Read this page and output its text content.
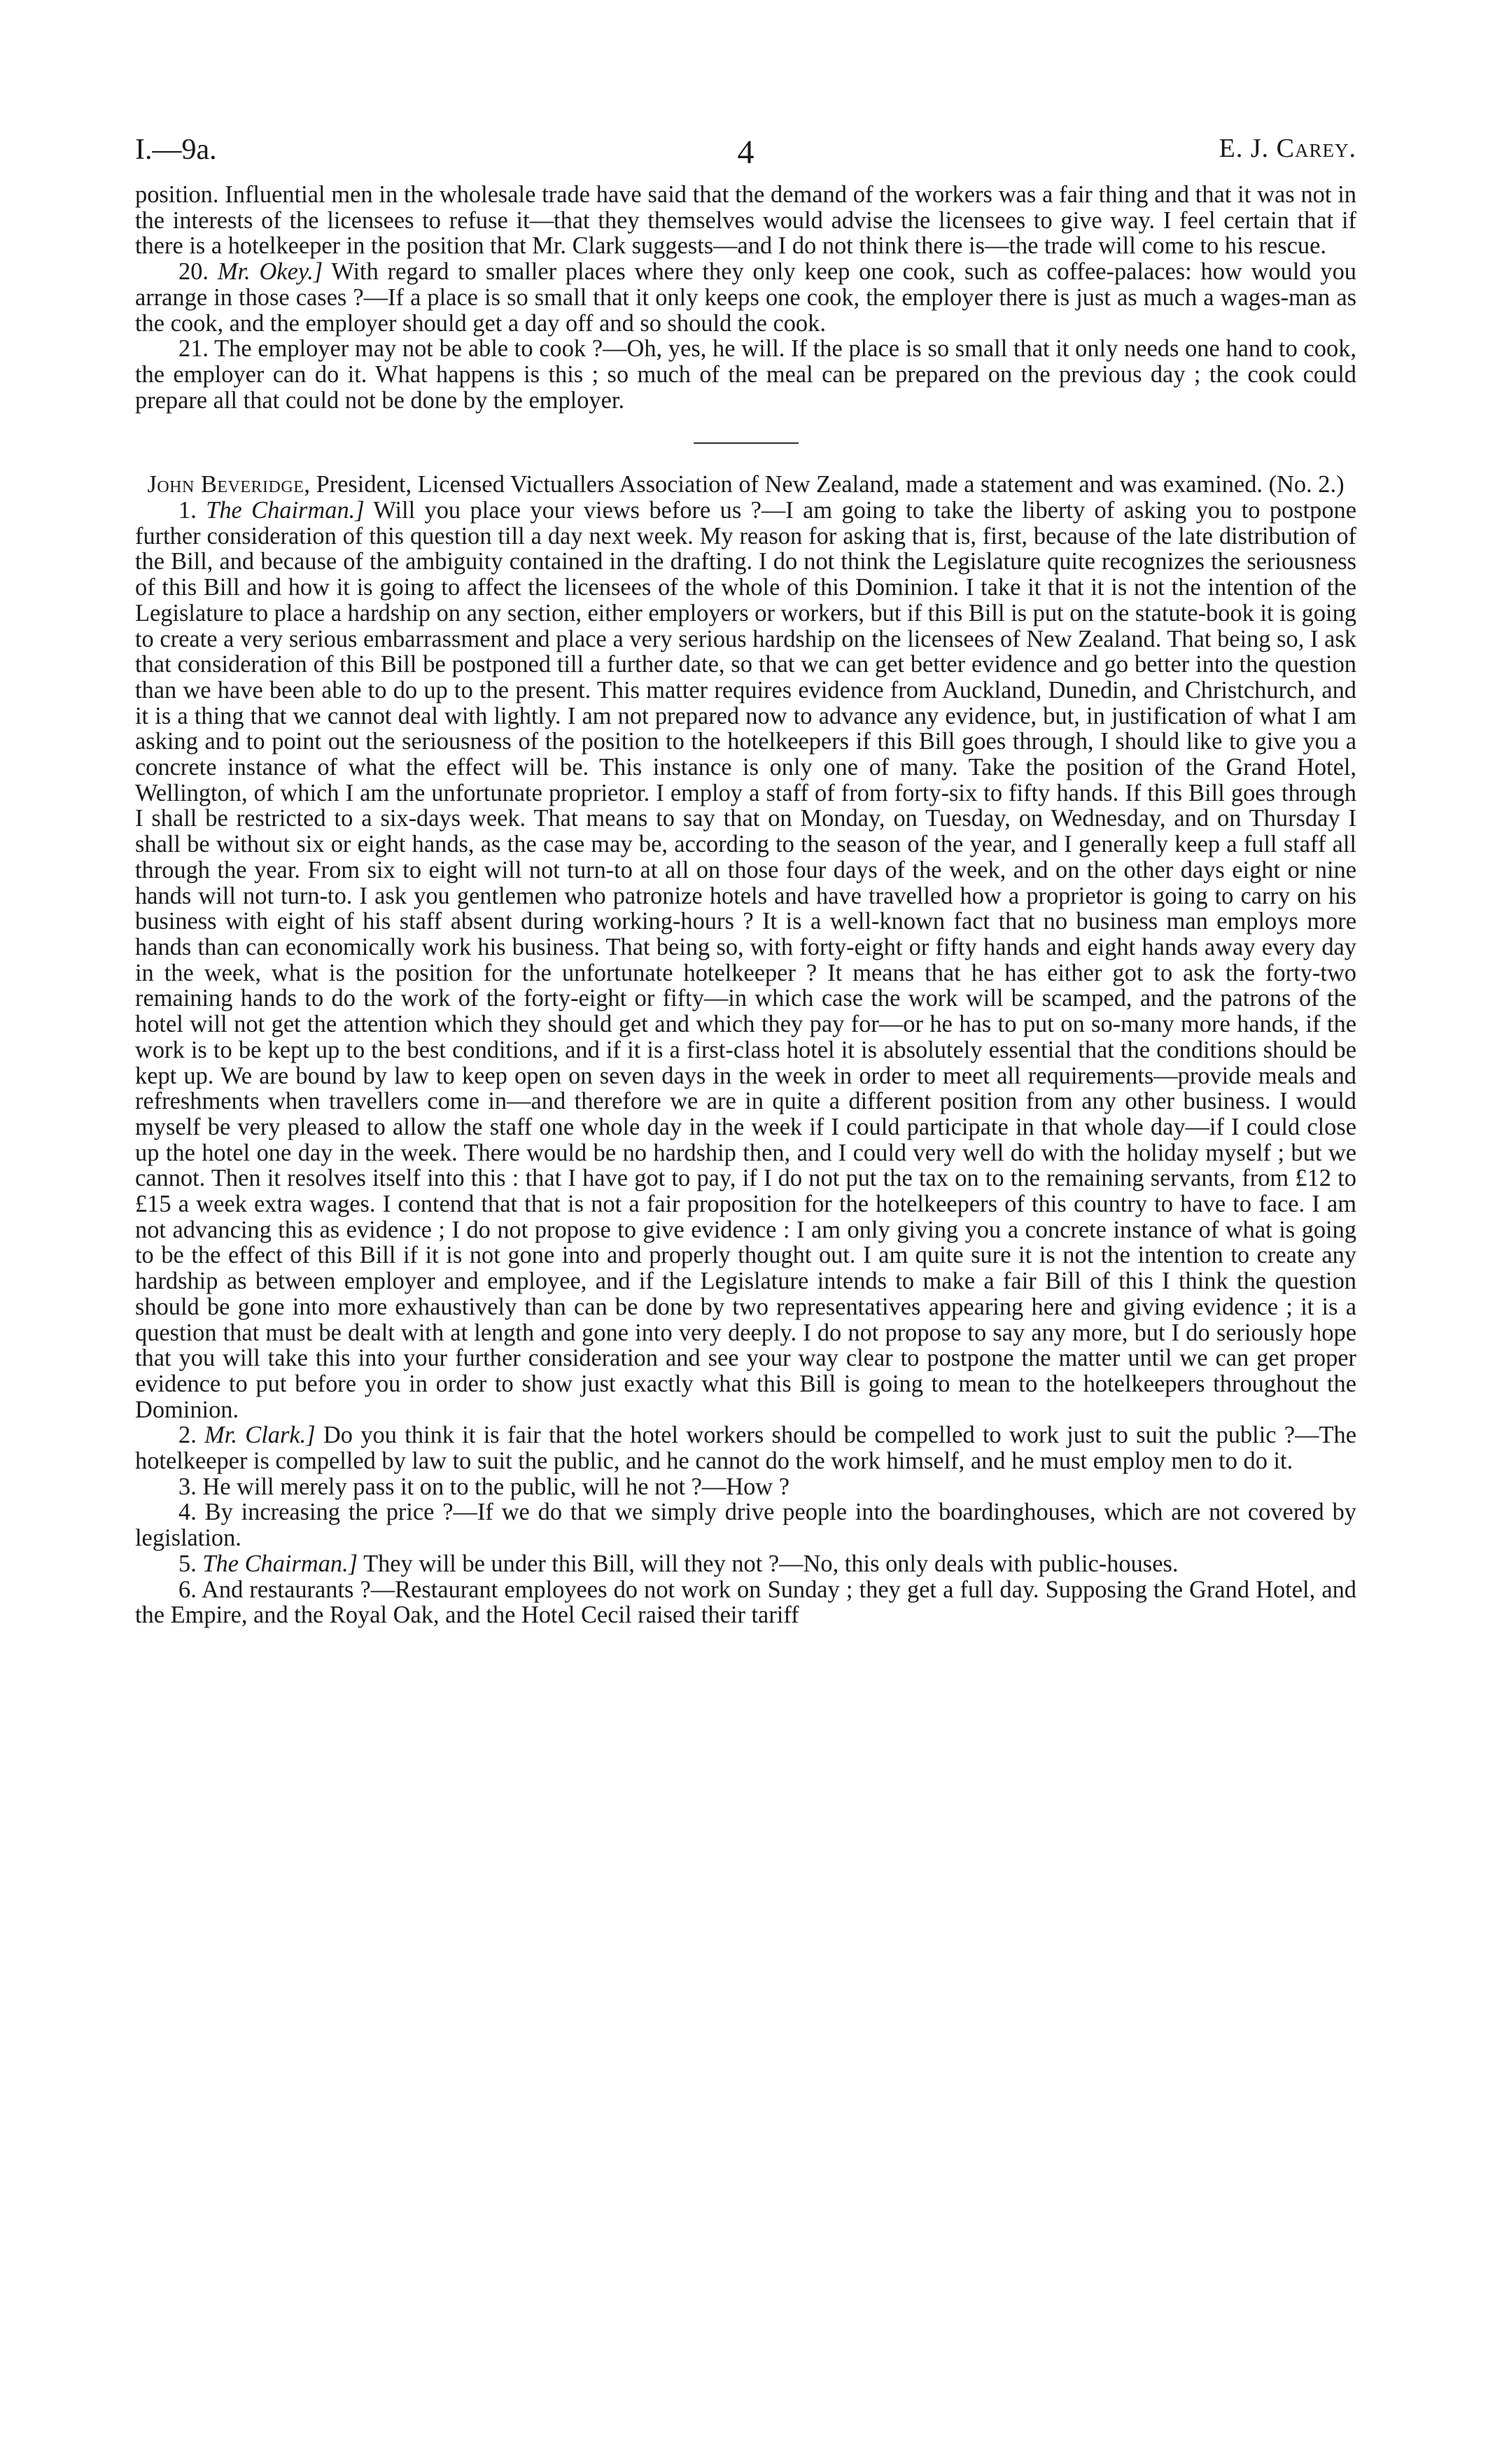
I.—9a.	4	E. J. Carey.

position. Influential men in the wholesale trade have said that the demand of the workers was a fair thing and that it was not in the interests of the licensees to refuse it—that they themselves would advise the licensees to give way. I feel certain that if there is a hotelkeeper in the position that Mr. Clark suggests—and I do not think there is—the trade will come to his rescue.

20. Mr. Okey.] With regard to smaller places where they only keep one cook, such as coffee-palaces: how would you arrange in those cases ?—If a place is so small that it only keeps one cook, the employer there is just as much a wages-man as the cook, and the employer should get a day off and so should the cook.

21. The employer may not be able to cook ?—Oh, yes, he will. If the place is so small that it only needs one hand to cook, the employer can do it. What happens is this ; so much of the meal can be prepared on the previous day ; the cook could prepare all that could not be done by the employer.

John Beveridge, President, Licensed Victuallers Association of New Zealand, made a statement and was examined. (No. 2.)

1. The Chairman.] Will you place your views before us ?—I am going to take the liberty of asking you to postpone further consideration of this question till a day next week. My reason for asking that is, first, because of the late distribution of the Bill, and because of the ambiguity contained in the drafting. I do not think the Legislature quite recognizes the seriousness of this Bill and how it is going to affect the licensees of the whole of this Dominion. I take it that it is not the intention of the Legislature to place a hardship on any section, either employers or workers, but if this Bill is put on the statute-book it is going to create a very serious embarrassment and place a very serious hardship on the licensees of New Zealand. That being so, I ask that consideration of this Bill be postponed till a further date, so that we can get better evidence and go better into the question than we have been able to do up to the present. This matter requires evidence from Auckland, Dunedin, and Christchurch, and it is a thing that we cannot deal with lightly. I am not prepared now to advance any evidence, but, in justification of what I am asking and to point out the seriousness of the position to the hotelkeepers if this Bill goes through, I should like to give you a concrete instance of what the effect will be. This instance is only one of many. Take the position of the Grand Hotel, Wellington, of which I am the unfortunate proprietor. I employ a staff of from forty-six to fifty hands. If this Bill goes through I shall be restricted to a six-days week. That means to say that on Monday, on Tuesday, on Wednesday, and on Thursday I shall be without six or eight hands, as the case may be, according to the season of the year, and I generally keep a full staff all through the year. From six to eight will not turn-to at all on those four days of the week, and on the other days eight or nine hands will not turn-to. I ask you gentlemen who patronize hotels and have travelled how a proprietor is going to carry on his business with eight of his staff absent during working-hours ? It is a well-known fact that no business man employs more hands than can economically work his business. That being so, with forty-eight or fifty hands and eight hands away every day in the week, what is the position for the unfortunate hotelkeeper ? It means that he has either got to ask the forty-two remaining hands to do the work of the forty-eight or fifty—in which case the work will be scamped, and the patrons of the hotel will not get the attention which they should get and which they pay for—or he has to put on so-many more hands, if the work is to be kept up to the best conditions, and if it is a first-class hotel it is absolutely essential that the conditions should be kept up. We are bound by law to keep open on seven days in the week in order to meet all requirements—provide meals and refreshments when travellers come in—and therefore we are in quite a different position from any other business. I would myself be very pleased to allow the staff one whole day in the week if I could participate in that whole day—if I could close up the hotel one day in the week. There would be no hardship then, and I could very well do with the holiday myself ; but we cannot. Then it resolves itself into this : that I have got to pay, if I do not put the tax on to the remaining servants, from £12 to £15 a week extra wages. I contend that that is not a fair proposition for the hotelkeepers of this country to have to face. I am not advancing this as evidence ; I do not propose to give evidence : I am only giving you a concrete instance of what is going to be the effect of this Bill if it is not gone into and properly thought out. I am quite sure it is not the intention to create any hardship as between employer and employee, and if the Legislature intends to make a fair Bill of this I think the question should be gone into more exhaustively than can be done by two representatives appearing here and giving evidence ; it is a question that must be dealt with at length and gone into very deeply. I do not propose to say any more, but I do seriously hope that you will take this into your further consideration and see your way clear to postpone the matter until we can get proper evidence to put before you in order to show just exactly what this Bill is going to mean to the hotelkeepers throughout the Dominion.

2. Mr. Clark.] Do you think it is fair that the hotel workers should be compelled to work just to suit the public ?—The hotelkeeper is compelled by law to suit the public, and he cannot do the work himself, and he must employ men to do it.

3. He will merely pass it on to the public, will he not ?—How ?

4. By increasing the price ?—If we do that we simply drive people into the boardinghouses, which are not covered by legislation.

5. The Chairman.] They will be under this Bill, will they not ?—No, this only deals with public-houses.

6. And restaurants ?—Restaurant employees do not work on Sunday ; they get a full day. Supposing the Grand Hotel, and the Empire, and the Royal Oak, and the Hotel Cecil raised their tariff
